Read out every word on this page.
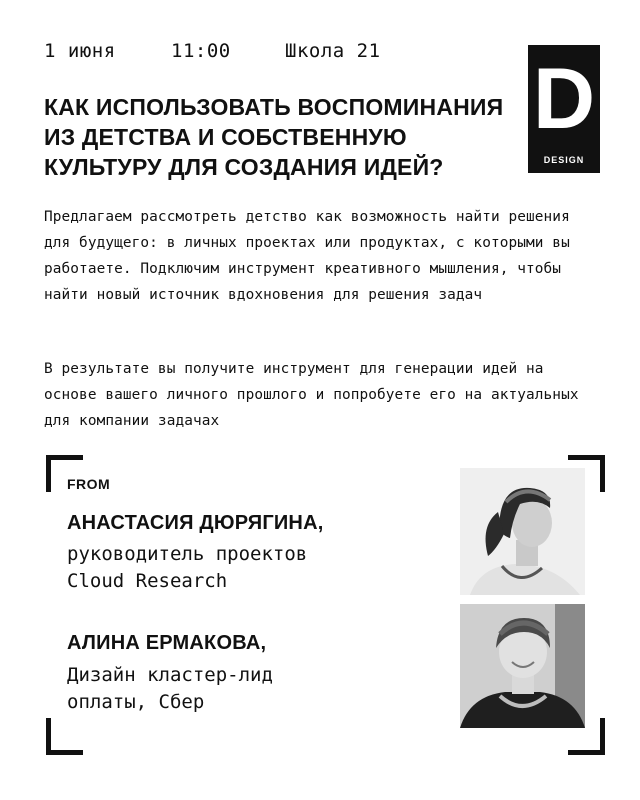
1 июня	11:00	Школа 21
КАК ИСПОЛЬЗОВАТЬ ВОСПОМИНАНИЯ ИЗ ДЕТСТВА И СОБСТВЕННУЮ КУЛЬТУРУ ДЛЯ СОЗДАНИЯ ИДЕЙ?
D
DESIGN

Предлагаем рассмотреть детство как возможность найти решения для будущего: в личных проектах или продуктах, с которыми вы работаете. Подключим инструмент креативного мышления, чтобы найти новый источник вдохновения для решения задач

В результате вы получите инструмент для генерации идей на основе вашего личного прошлого и попробуете его на актуальных для компании задачах

FROM
АНАСТАСИЯ ДЮРЯГИНА,

руководитель проектов Cloud Research

АЛИНА ЕРМАКОВА,

Дизайн кластер-лид оплаты, Сбер
